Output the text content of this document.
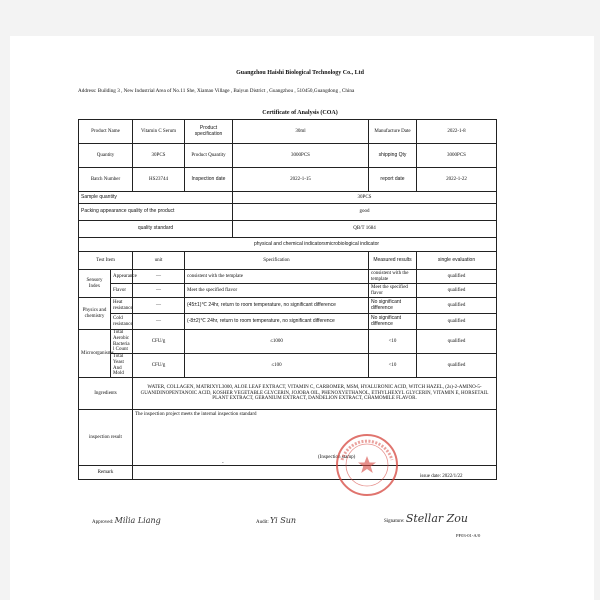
Guangzhou Haishi Biological Technology Co., Ltd
Address: Building 3 , New Industrial Area of No.11 She, Xiamao Village , Baiyun District , Guangzhou , 510450,Guangdong , China
Certificate of Analysis (COA)
Product Name		Vitamin C Serum	Product specification	30ml	Manufacture Date	2022-1-8
Quantity		30PCS	Product Quantity	3000PCS	shipping Qty	3000PCS
Batch Number		HS23744	Inspection date	2022-1-15	report date	2022-1-22
Sample quantity				30PCS		
Packing appearance quality of the product				good		
quality standard				QB/T 1684		
physical and chemical indicatorsmicrobiological indicator						
Test Item		unit	Specification		Measured results	single evaluation
Sensory Index	Appearance	—	consistent with the template		consistent with the template	qualified
	Flavor	—	Meet the specified flavor		Meet the specified flavor	qualified
Physics and chemistry	Heat resistance	—	(45±1)℃ 24hr, return to room temperature, no significant difference		No significant difference	qualified
	Cold resistance	—	(-8±2)℃ 24hr, return to room temperature, no significant difference		No significant difference	qualified
Microorganisms	Total Aerobic Bacteria l Count	CFU/g	≤1000		<10	qualified
	Total Yeast And Mold	CFU/g	≤100		<10	qualified
Ingredients		WATER, COLLAGEN, MATRIXYL3000, ALOE LEAF EXTRACT, VITAMIN C, CARBOMER, MSM, HYALURONIC ACID, WITCH HAZEL, (2s)-2-AMINO-5-GUANIDINOPENTANOIC ACID, KOSHER VEGETABLE GLYCERIN, JOJOBA OIL, PHENOXYETHANOL, ETHYLHEXYL GLYCERIN, VITAMIN E, HORSETAIL PLANT EXTRACT, GERANIUM EXTRACT, DANDELION EXTRACT, CHAMOMILE FLAVOR.				
inspection result		The inspection project meets the internal inspection standard				
Remark						
-
(Inspection stamp)
issue date: 2022/1/22
Approved: Milia Liang	Audit: Yi Sun	Signature: Stellar Zou
PF03-01-A/0
